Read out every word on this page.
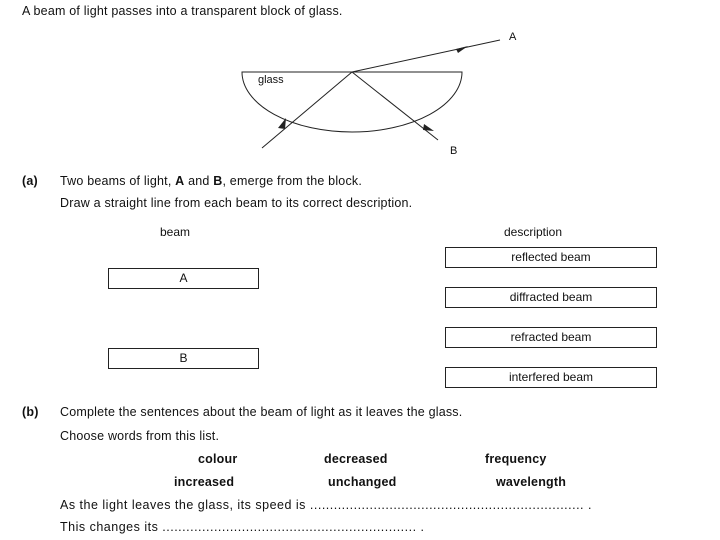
A beam of light passes into a transparent block of glass.
glass
A
B
(a) Two beams of light, A and B, emerge from the block.
Draw a straight line from each beam to its correct description.
beam	description
A
B
reflected beam
diffracted beam
refracted beam
interfered beam
(b) Complete the sentences about the beam of light as it leaves the glass.
Choose words from this list.
colour	decreased	frequency
increased	unchanged	wavelength
As the light leaves the glass, its speed is ..................................................................... .
This changes its ................................................................ .
